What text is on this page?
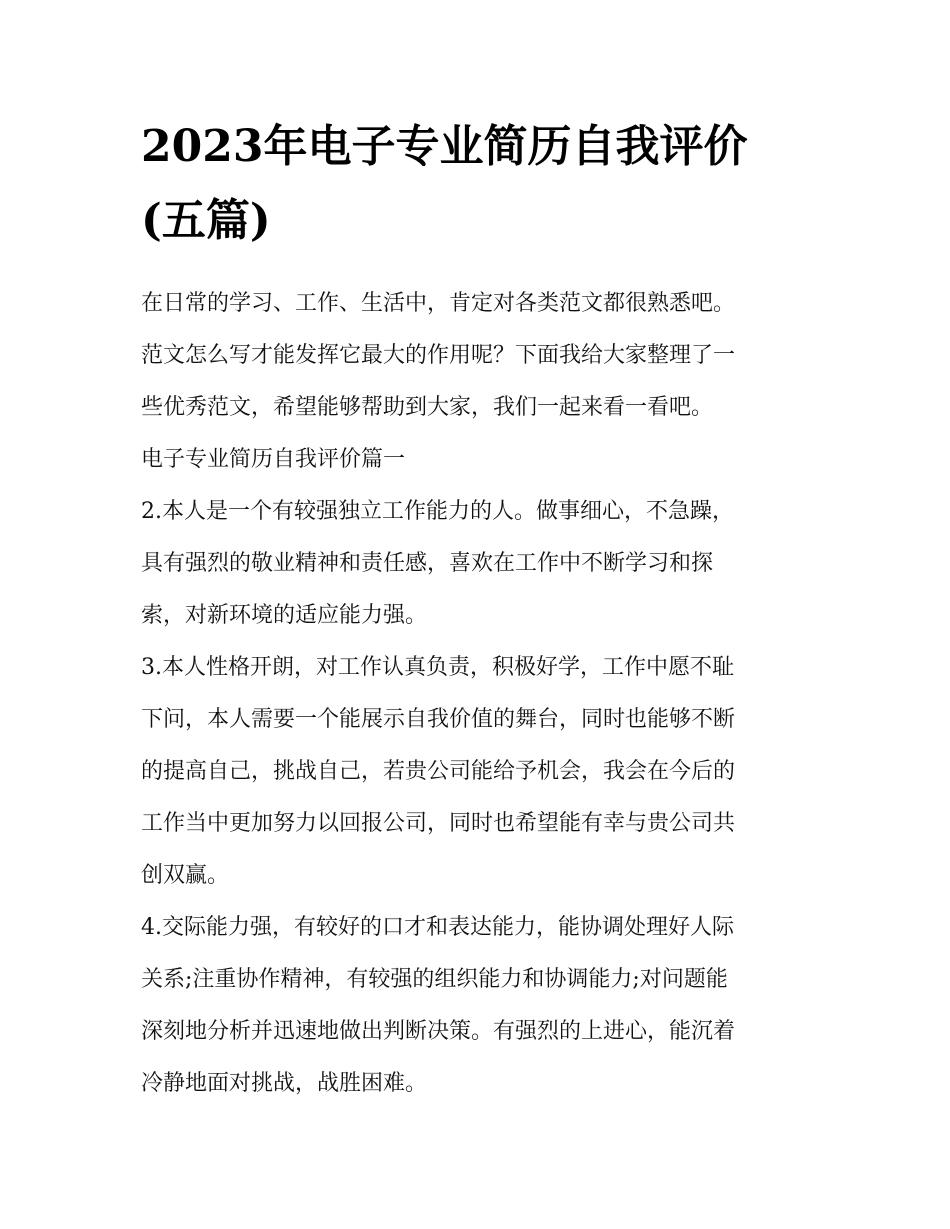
2023年电子专业简历自我评价
(五篇)
在日常的学习、工作、生活中，肯定对各类范文都很熟悉吧。
范文怎么写才能发挥它最大的作用呢？下面我给大家整理了一
些优秀范文，希望能够帮助到大家，我们一起来看一看吧。
电子专业简历自我评价篇一
2.本人是一个有较强独立工作能力的人。做事细心，不急躁，
具有强烈的敬业精神和责任感，喜欢在工作中不断学习和探
索，对新环境的适应能力强。
3.本人性格开朗，对工作认真负责，积极好学，工作中愿不耻
下问，本人需要一个能展示自我价值的舞台，同时也能够不断
的提高自己，挑战自己，若贵公司能给予机会，我会在今后的
工作当中更加努力以回报公司，同时也希望能有幸与贵公司共
创双赢。
4.交际能力强，有较好的口才和表达能力，能协调处理好人际
关系;注重协作精神，有较强的组织能力和协调能力;对问题能
深刻地分析并迅速地做出判断决策。有强烈的上进心，能沉着
冷静地面对挑战，战胜困难。
